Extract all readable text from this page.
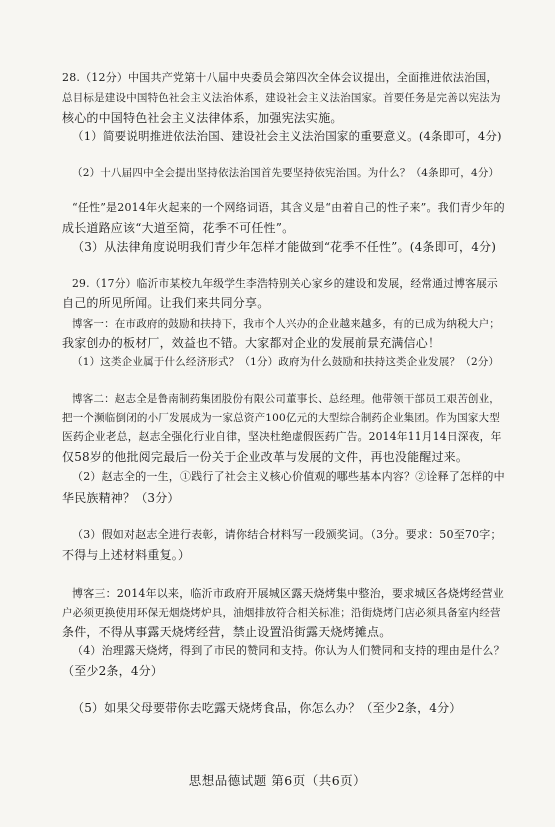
28.（12分）中国共产党第十八届中央委员会第四次全体会议提出，全面推进依法治国，
总目标是建设中国特色社会主义法治体系，建设社会主义法治国家。首要任务是完善以宪法为
核心的中国特色社会主义法律体系，加强宪法实施。
（1）简要说明推进依法治国、建设社会主义法治国家的重要意义。(4条即可，4分)
（2）十八届四中全会提出坚持依法治国首先要坚持依宪治国。为什么？（4条即可，4分）
“任性”是2014年火起来的一个网络词语，其含义是“由着自己的性子来”。我们青少年的
成长道路应该“大道至简，花季不可任性”。
（3）从法律角度说明我们青少年怎样才能做到“花季不任性”。(4条即可，4分)
29.（17分）临沂市某校九年级学生李浩特别关心家乡的建设和发展，经常通过博客展示
自己的所见所闻。让我们来共同分享。
博客一：在市政府的鼓励和扶持下，我市个人兴办的企业越来越多，有的已成为纳税大户；
我家创办的板材厂，效益也不错。大家都对企业的发展前景充满信心！
（1）这类企业属于什么经济形式？（1分）政府为什么鼓励和扶持这类企业发展？（2分）
博客二：赵志全是鲁南制药集团股份有限公司董事长、总经理。他带领干部员工艰苦创业，
把一个濒临倒闭的小厂发展成为一家总资产100亿元的大型综合制药企业集团。作为国家大型
医药企业老总，赵志全强化行业自律，坚决杜绝虚假医药广告。2014年11月14日深夜，年
仅58岁的他批阅完最后一份关于企业改革与发展的文件，再也没能醒过来。
（2）赵志全的一生，①践行了社会主义核心价值观的哪些基本内容？②诠释了怎样的中
华民族精神？（3分）
（3）假如对赵志全进行表彰，请你结合材料写一段颁奖词。（3分。要求：50至70字；
不得与上述材料重复。）
博客三：2014年以来，临沂市政府开展城区露天烧烤集中整治，要求城区各烧烤经营业
户必须更换使用环保无烟烧烤炉具，油烟排放符合相关标准；沿街烧烤门店必须具备室内经营
条件，不得从事露天烧烤经营，禁止设置沿街露天烧烤摊点。
（4）治理露天烧烤，得到了市民的赞同和支持。你认为人们赞同和支持的理由是什么？
（至少2条，4分）
（5）如果父母要带你去吃露天烧烤食品，你怎么办？（至少2条，4分）
思想品德试题 第6页（共6页）
